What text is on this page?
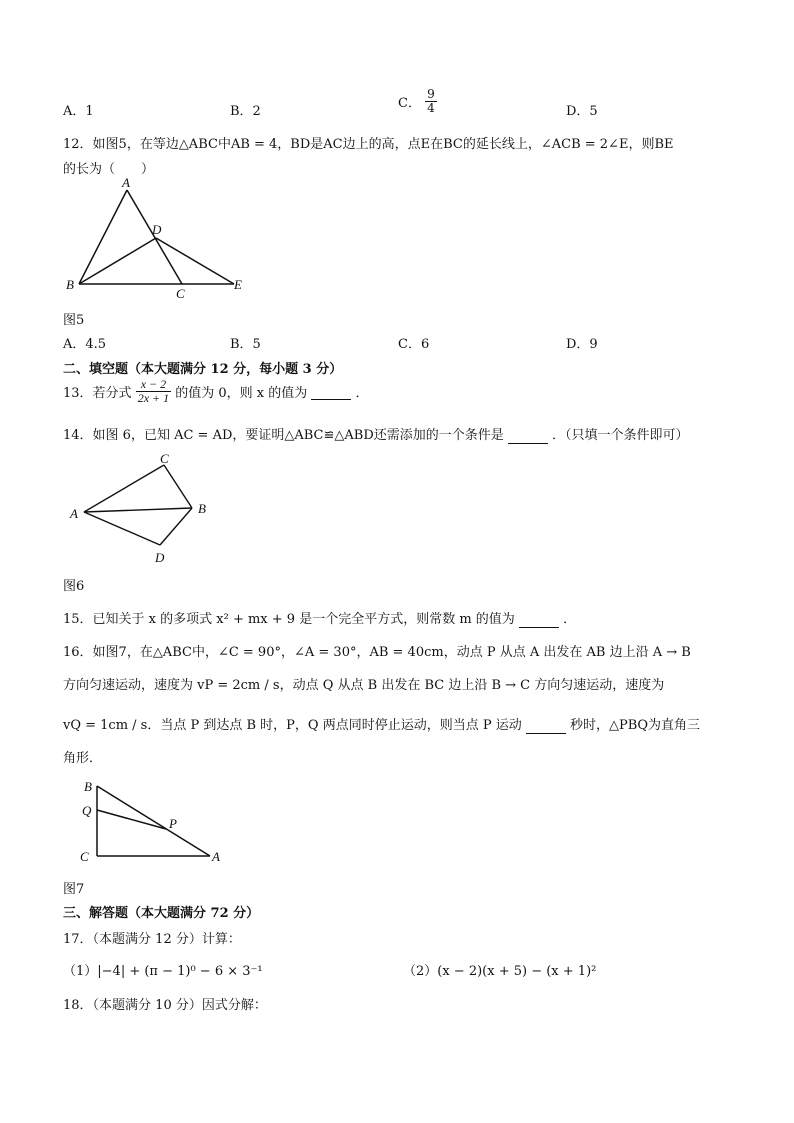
A．1	B．2
C． $\frac{9}{4}$	D．5
12．如图5，在等边△ABC中AB = 4，BD是AC边上的高，点E在BC的延长线上，∠ACB = 2∠E，则BE
的长为（　　）
A
B
C
D
E
图5
A．4.5	B．5	C．6	D．9
二、填空题（本大题满分 12 分，每小题 3 分）
13．若分式 $\frac{x - 2}{2x + 1}$ 的值为 0，则 x 的值为	．
14．如图 6，已知 AC = AD，要证明△ABC≌△ABD还需添加的一个条件是	．（只填一个条件即可）
C
A	B
D
图6
15．已知关于 x 的多项式 x² + mx + 9 是一个完全平方式，则常数 m 的值为	．
16．如图7，在△ABC中，∠C = 90°，∠A = 30°，AB = 40cm，动点 P 从点 A 出发在 AB 边上沿 A → B
方向匀速运动，速度为 vP = 2cm / s，动点 Q 从点 B 出发在 BC 边上沿 B → C 方向匀速运动，速度为
vQ = 1cm / s．当点 P 到达点 B 时，P，Q 两点同时停止运动，则当点 P 运动	秒时，△PBQ为直角三
角形．
B
Q
P
C	A
图7
三、解答题（本大题满分 72 分）
17．（本题满分 12 分）计算：
（1）|−4| + (π − 1)⁰ − 6 × 3⁻¹	（2）(x − 2)(x + 5) − (x + 1)²
18．（本题满分 10 分）因式分解：
